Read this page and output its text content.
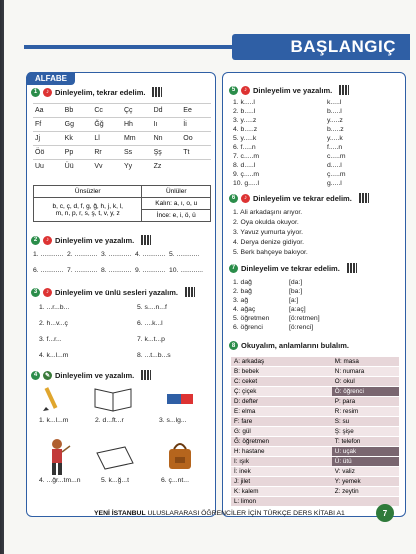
BAŞLANGIÇ
ALFABE
1	♪ Dinleyelim, tekrar edelim.
Aa	Bb	Cc	Çç	Dd	Ee
Ff	Gg	Ğğ	Hh	Iı	İi
Jj	Kk	Ll	Mm	Nn	Oo
Öö	Pp	Rr	Ss	Şş	Tt
Uu	Üü	Vv	Yy	Zz	
Ünsüzler	Ünlüler
b, c, ç, d, f, g, ğ, h, j, k, l,
m, n, p, r, s, ş, t, v, y, z	Kalın: a, ı, o, u
	İnce: e, i, ö, ü
2	♪ Dinleyelim ve yazalım.
1. ............ 2. ............ 3. ............ 4. ............ 5. ............
6. ............ 7. ............ 8. ............ 9. ............ 10. ............
3	♪ Dinleyelim ve ünlü sesleri yazalım.
1. ...r...b...
2. h...v...ç
3. f...r...
4. k...l...m
5. s....n...f
6. ....k...l
7. k...t...p
8. ...t...b...s
4	✎ Dinleyelim ve yazalım.
1. k...l...m	2. d...ft...r	3. s...lg...
4. ...ğr...tm...n	5. k...ğ...t	6. ç...nt...
5	♪ Dinleyelim ve yazalım.
1. k.....l	k.....l
2. b.....l	b.....l
3. y.....z	y.....z
4. b.....z	b.....z
5. y.....k	y.....k
6. f.....n	f.....n
7. c.....m	c.....m
8. d.....l	d.....l
9. ç.....m	ç.....m
10. g.....l	g.....l
6	♪ Dinleyelim ve tekrar edelim.
1. Ali arkadaşını arıyor.
2. Oya okulda okuyor.
3. Yavuz yumurta yiyor.
4. Derya denize gidiyor.
5. Berk bahçeye bakıyor.
7 Dinleyelim ve tekrar edelim.
1. dağ	[da:]
2. bağ	[ba:]
3. ağ	[a:]
4. ağaç	[a:aç]
5. öğretmen	[ö:retmen]
6. öğrenci	[ö:renci]
8 Okuyalım, anlamlarını bulalım.
A: arkadaş	M: masa
B: bebek	N: numara
C: ceket	O: okul
Ç: çiçek	Ö: öğrenci
D: defter	P: para
E: elma	R: resim
F: fare	S: su
G: gül	Ş: şişe
Ğ: öğretmen	T: telefon
H: hastane	U: uçak
I: ışık	Ü: ütü
İ: inek	V: valiz
J: jilet	Y: yemek
K: kalem	Z: zeytin
L: limon	
YENİ İSTANBUL ULUSLARARASI ÖĞRENCİLER İÇİN TÜRKÇE DERS KİTABI A1	7
